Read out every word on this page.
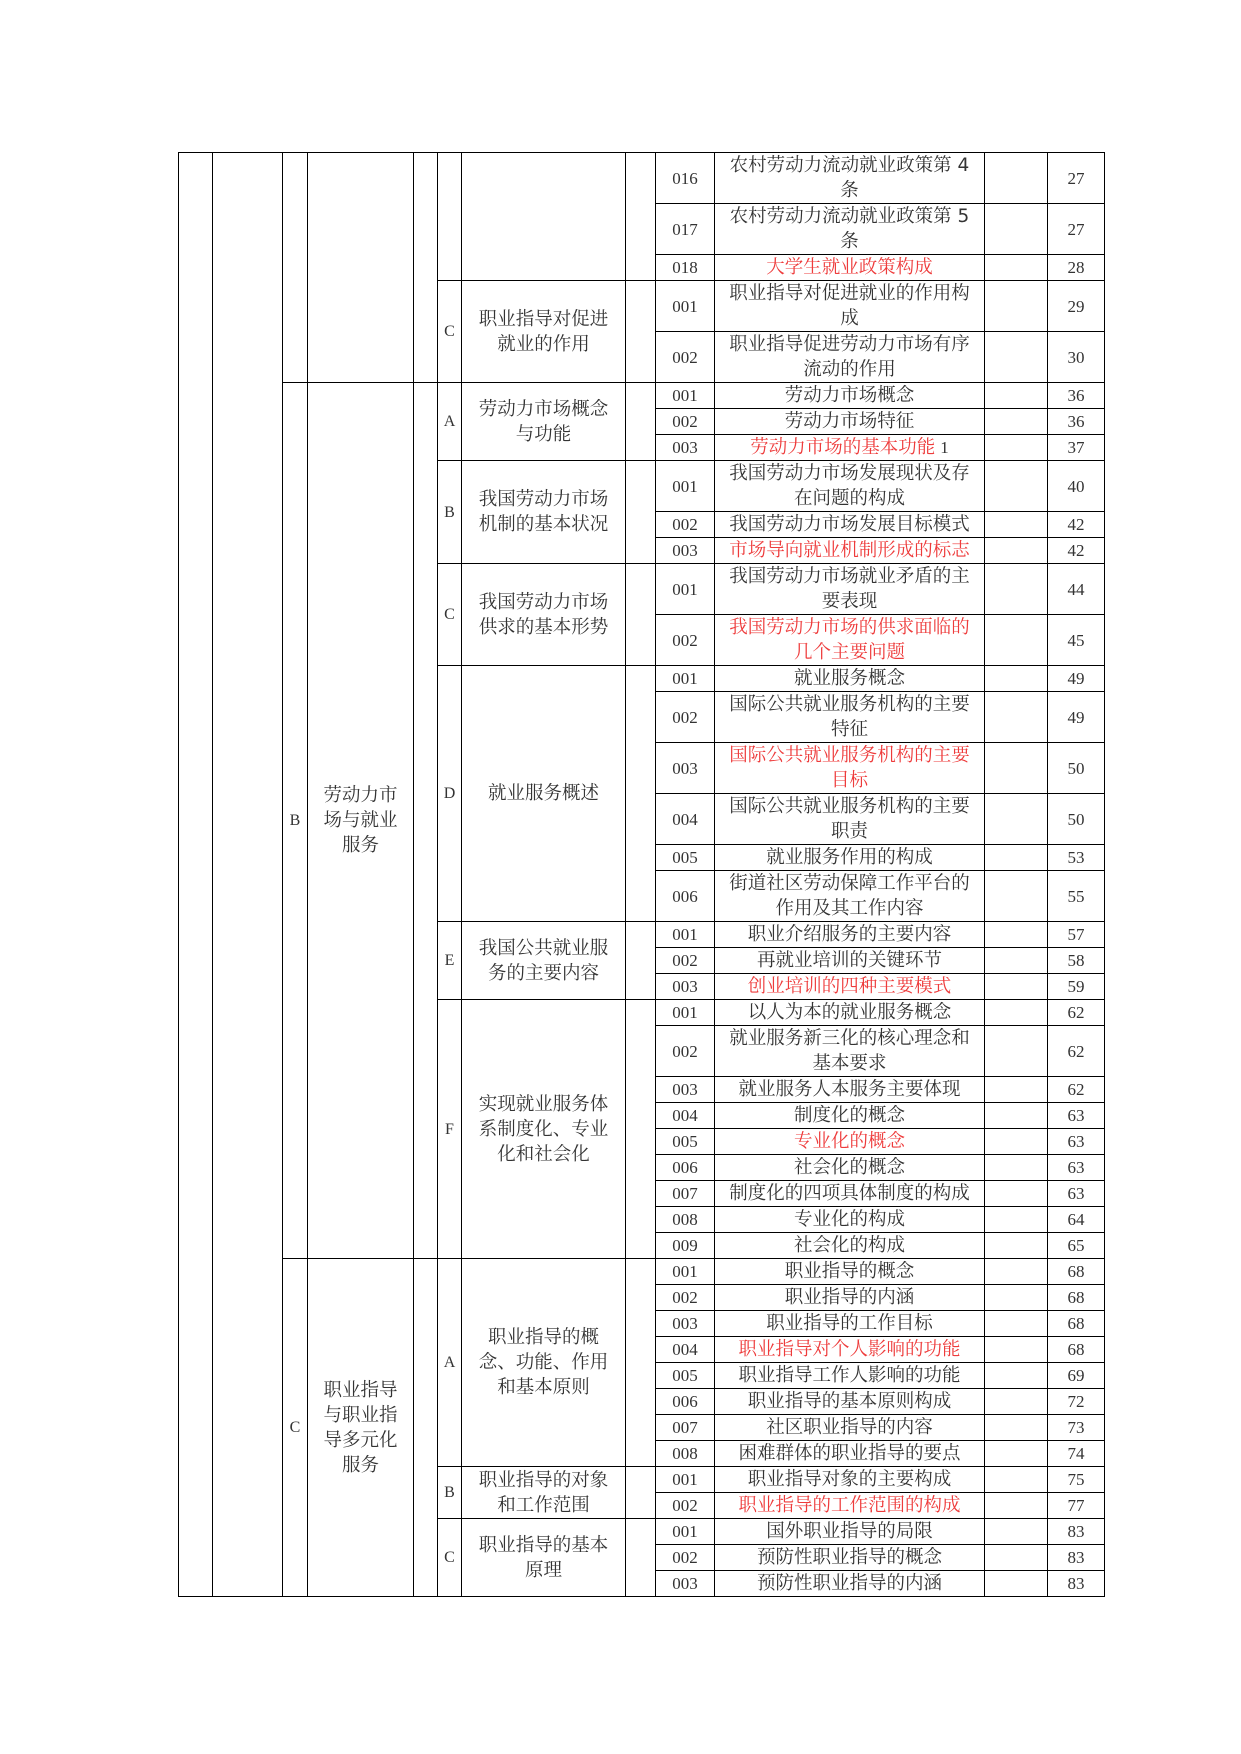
								016	农村劳动力流动就业政策第 4 条		27
								017	农村劳动力流动就业政策第 5 条		27
								018	大学生就业政策构成		28
					C	职业指导对促进就业的作用		001	职业指导对促进就业的作用构成		29
								002	职业指导促进劳动力市场有序流动的作用		30
		B	劳动力市场与就业服务		A	劳动力市场概念与功能		001	劳动力市场概念		36
								002	劳动力市场特征		36
								003	劳动力市场的基本功能 1		37
					B	我国劳动力市场机制的基本状况		001	我国劳动力市场发展现状及存在问题的构成		40
								002	我国劳动力市场发展目标模式		42
								003	市场导向就业机制形成的标志		42
					C	我国劳动力市场供求的基本形势		001	我国劳动力市场就业矛盾的主要表现		44
								002	我国劳动力市场的供求面临的几个主要问题		45
					D	就业服务概述		001	就业服务概念		49
								002	国际公共就业服务机构的主要特征		49
								003	国际公共就业服务机构的主要目标		50
								004	国际公共就业服务机构的主要职责		50
								005	就业服务作用的构成		53
								006	街道社区劳动保障工作平台的作用及其工作内容		55
					E	我国公共就业服务的主要内容		001	职业介绍服务的主要内容		57
								002	再就业培训的关键环节		58
								003	创业培训的四种主要模式		59
					F	实现就业服务体系制度化、专业化和社会化		001	以人为本的就业服务概念		62
								002	就业服务新三化的核心理念和基本要求		62
								003	就业服务人本服务主要体现		62
								004	制度化的概念		63
								005	专业化的概念		63
								006	社会化的概念		63
								007	制度化的四项具体制度的构成		63
								008	专业化的构成		64
								009	社会化的构成		65
		C	职业指导与职业指导多元化服务		A	职业指导的概念、功能、作用和基本原则		001	职业指导的概念		68
								002	职业指导的内涵		68
								003	职业指导的工作目标		68
								004	职业指导对个人影响的功能		68
								005	职业指导工作人影响的功能		69
								006	职业指导的基本原则构成		72
								007	社区职业指导的内容		73
								008	困难群体的职业指导的要点		74
					B	职业指导的对象和工作范围		001	职业指导对象的主要构成		75
								002	职业指导的工作范围的构成		77
					C	职业指导的基本原理		001	国外职业指导的局限		83
								002	预防性职业指导的概念		83
								003	预防性职业指导的内涵		83
